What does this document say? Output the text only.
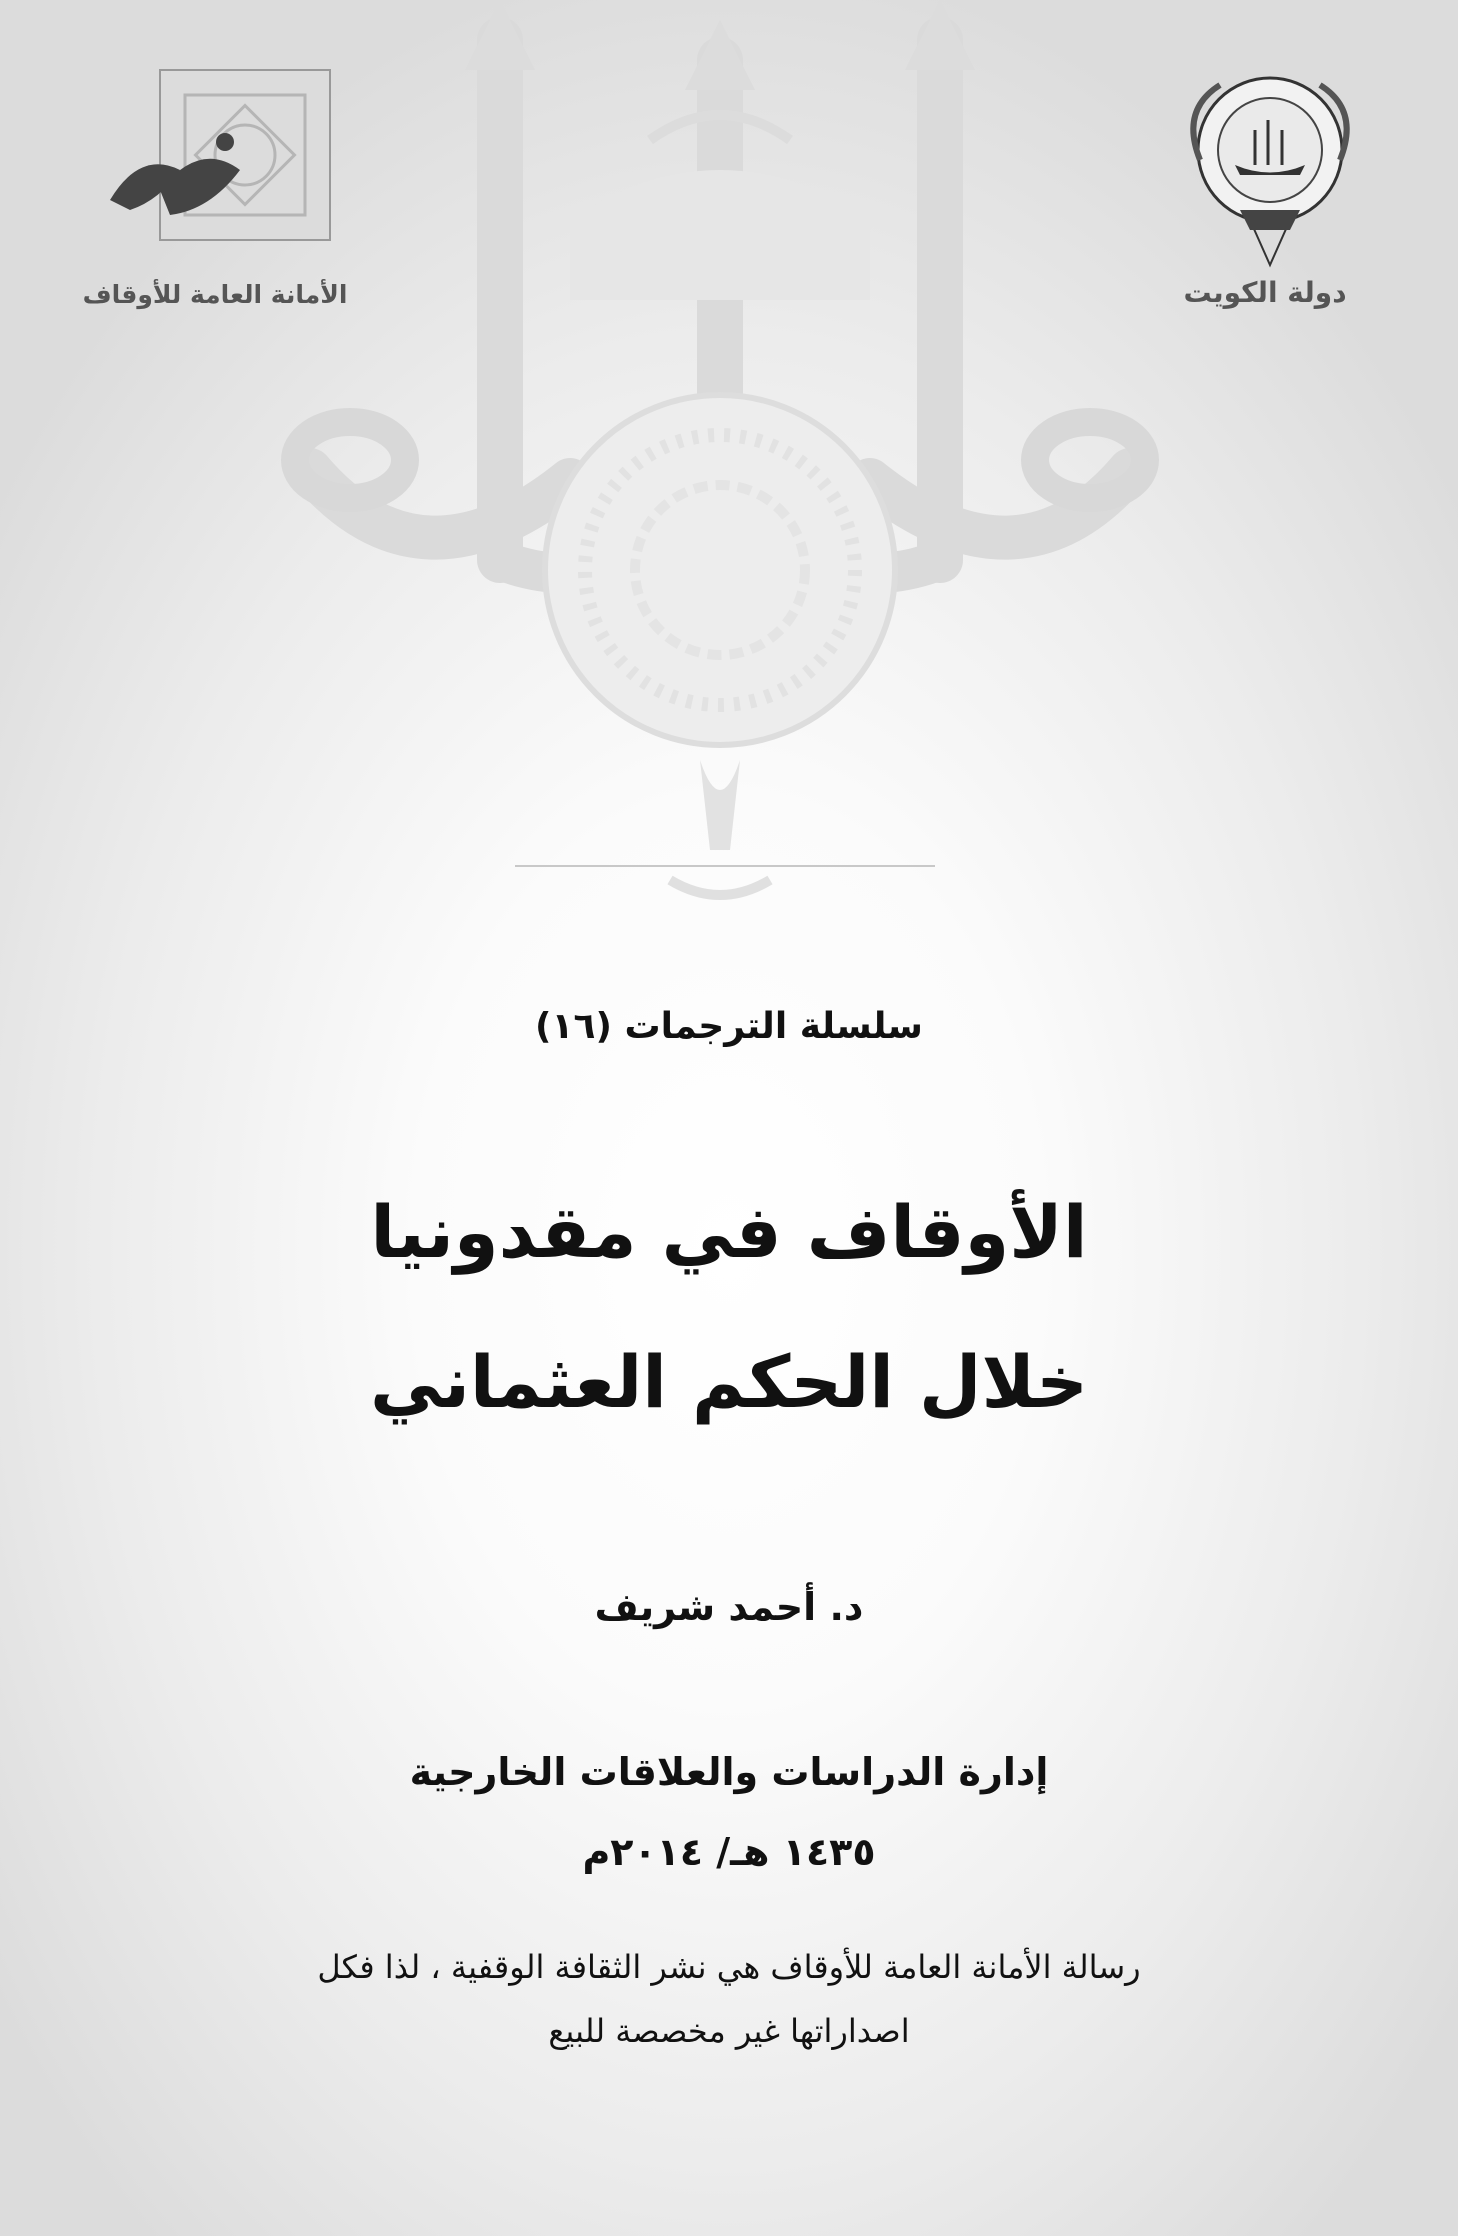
دولة الكويت
الأمانة العامة للأوقاف
سلسلة الترجمات (١٦)
الأوقاف في مقدونيا
خلال الحكم العثماني
د. أحمد شريف
إدارة الدراسات والعلاقات الخارجية
١٤٣٥ هـ/ ٢٠١٤م
رسالة الأمانة العامة للأوقاف هي نشر الثقافة الوقفية ، لذا فكل
اصداراتها غير مخصصة للبيع
